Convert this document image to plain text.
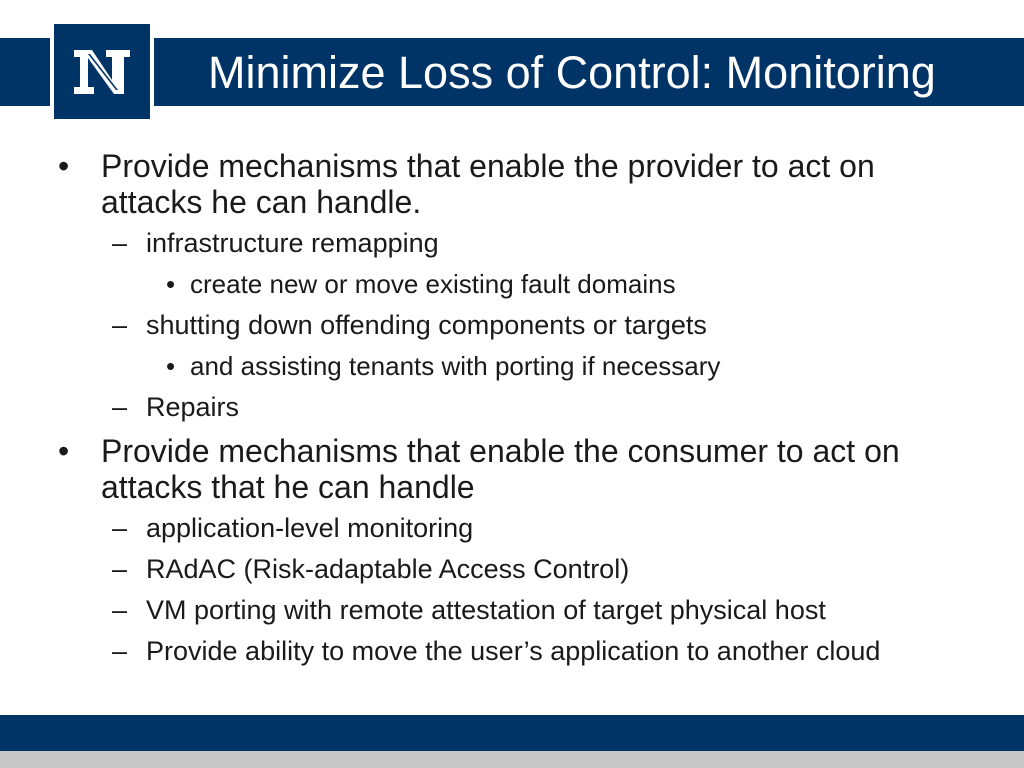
Minimize Loss of Control: Monitoring
• Provide mechanisms that enable the provider to act on attacks he can handle.
– infrastructure remapping
• create new or move existing fault domains
– shutting down offending components or targets
• and assisting tenants with porting if necessary
– Repairs
• Provide mechanisms that enable the consumer to act on attacks that he can handle
– application-level monitoring
– RAdAC (Risk-adaptable Access Control)
– VM porting with remote attestation of target physical host
– Provide ability to move the user’s application to another cloud
